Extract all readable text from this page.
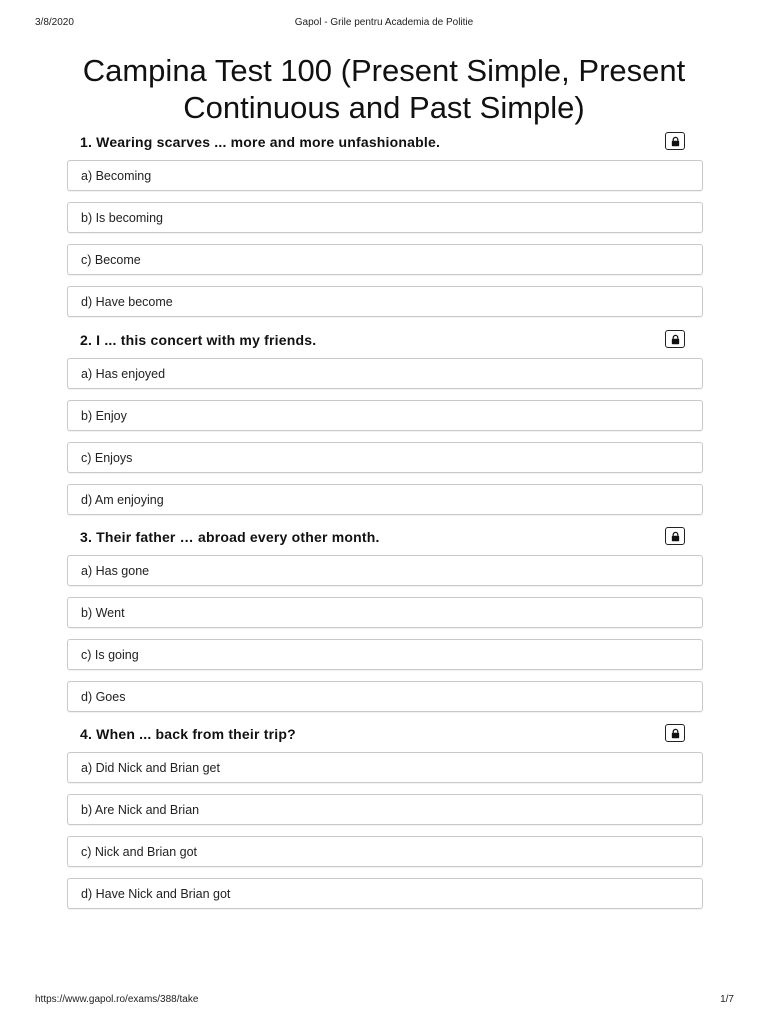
3/8/2020	Gapol - Grile pentru Academia de Politie
Campina Test 100 (Present Simple, Present Continuous and Past Simple)
1. Wearing scarves ... more and more unfashionable.
a) Becoming
b) Is becoming
c) Become
d) Have become
2. I ... this concert with my friends.
a) Has enjoyed
b) Enjoy
c) Enjoys
d) Am enjoying
3. Their father … abroad every other month.
a) Has gone
b) Went
c) Is going
d) Goes
4. When ... back from their trip?
a) Did Nick and Brian get
b) Are Nick and Brian
c) Nick and Brian got
d) Have Nick and Brian got
https://www.gapol.ro/exams/388/take	1/7
